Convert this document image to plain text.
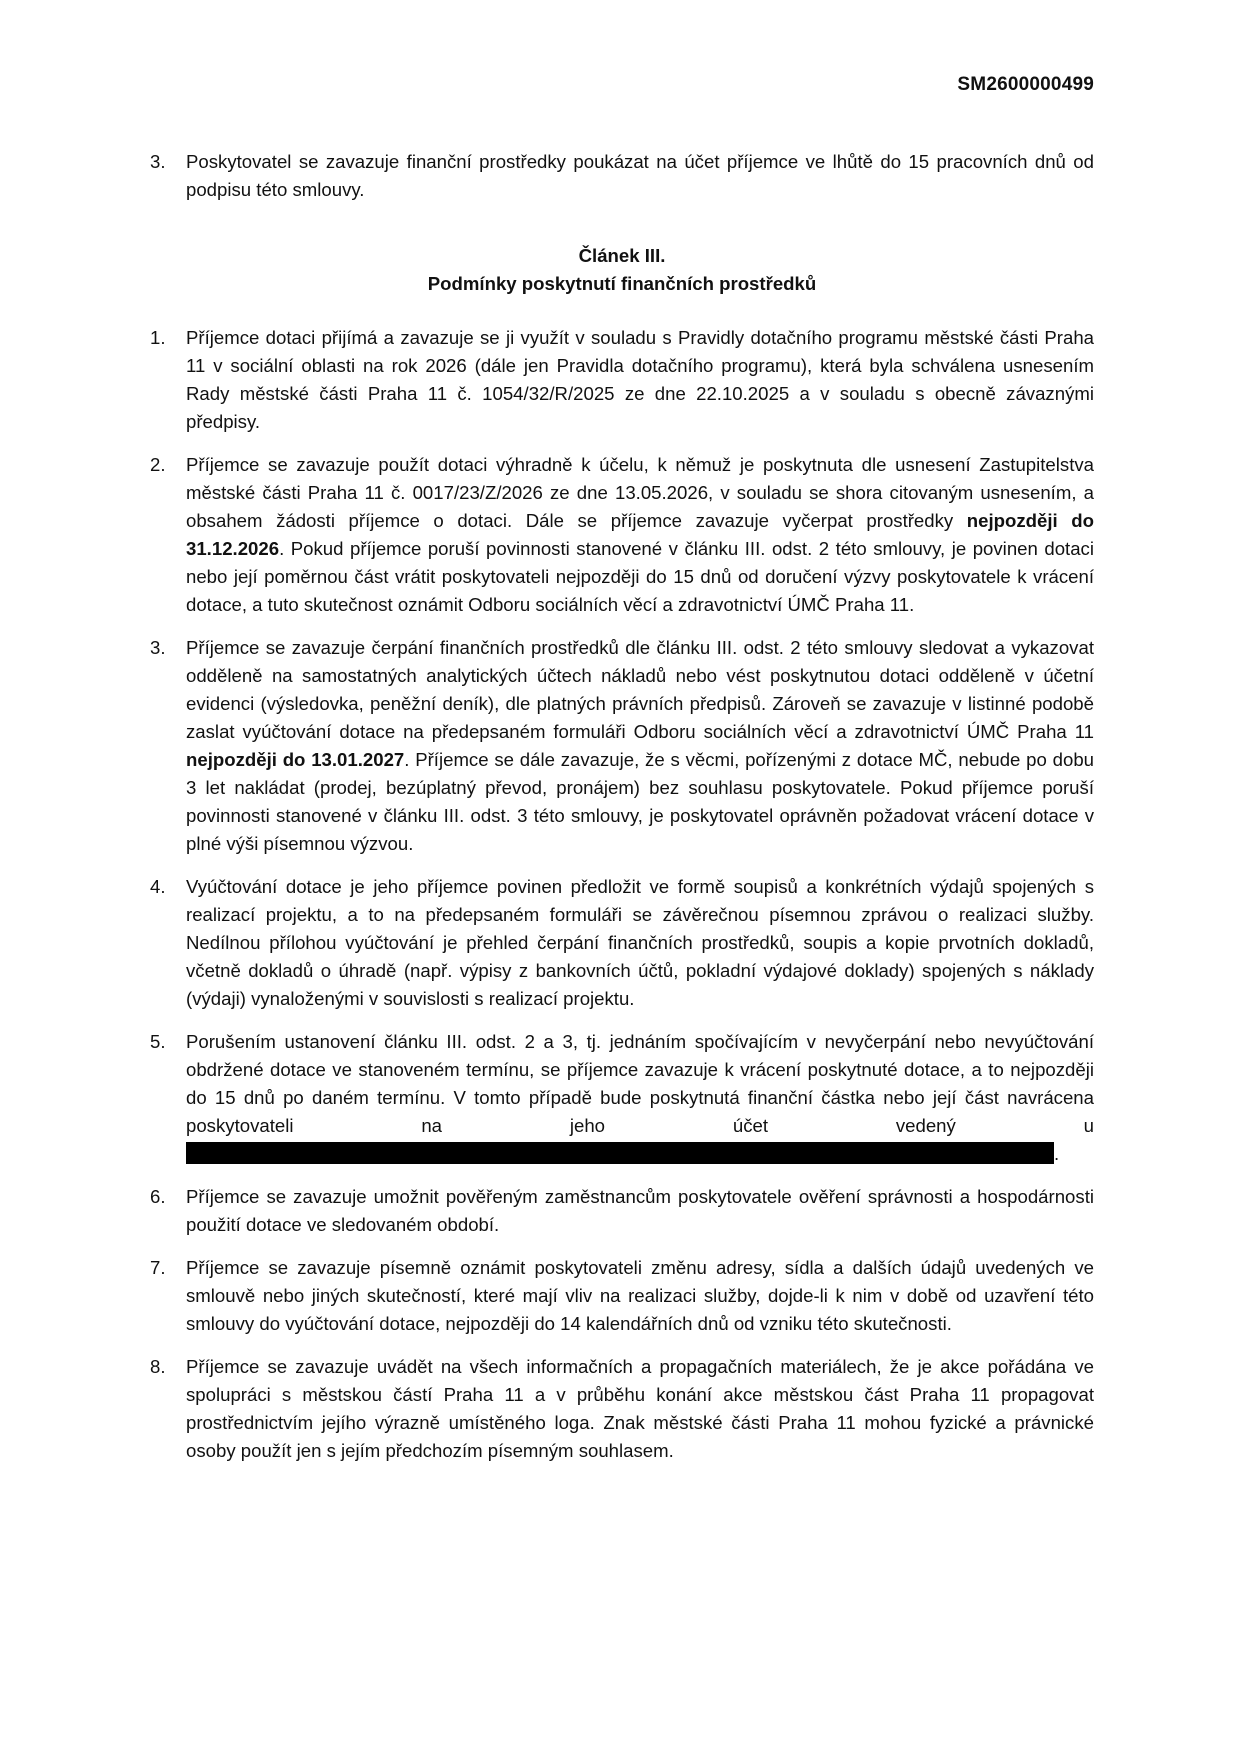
SM2600000499
3. Poskytovatel se zavazuje finanční prostředky poukázat na účet příjemce ve lhůtě do 15 pracovních dnů od podpisu této smlouvy.

Článek III.
Podmínky poskytnutí finančních prostředků
1. Příjemce dotaci přijímá a zavazuje se ji využít v souladu s Pravidly dotačního programu městské části Praha 11 v sociální oblasti na rok 2026 (dále jen Pravidla dotačního programu), která byla schválena usnesením Rady městské části Praha 11 č. 1054/32/R/2025 ze dne 22.10.2025 a v souladu s obecně závaznými předpisy.

2. Příjemce se zavazuje použít dotaci výhradně k účelu, k němuž je poskytnuta dle usnesení Zastupitelstva městské části Praha 11 č. 0017/23/Z/2026 ze dne 13.05.2026, v souladu se shora citovaným usnesením, a obsahem žádosti příjemce o dotaci. Dále se příjemce zavazuje vyčerpat prostředky nejpozději do 31.12.2026. Pokud příjemce poruší povinnosti stanovené v článku III. odst. 2 této smlouvy, je povinen dotaci nebo její poměrnou část vrátit poskytovateli nejpozději do 15 dnů od doručení výzvy poskytovatele k vrácení dotace, a tuto skutečnost oznámit Odboru sociálních věcí a zdravotnictví ÚMČ Praha 11.

3. Příjemce se zavazuje čerpání finančních prostředků dle článku III. odst. 2 této smlouvy sledovat a vykazovat odděleně na samostatných analytických účtech nákladů nebo vést poskytnutou dotaci odděleně v účetní evidenci (výsledovka, peněžní deník), dle platných právních předpisů. Zároveň se zavazuje v listinné podobě zaslat vyúčtování dotace na předepsaném formuláři Odboru sociálních věcí a zdravotnictví ÚMČ Praha 11 nejpozději do 13.01.2027. Příjemce se dále zavazuje, že s věcmi, pořízenými z dotace MČ, nebude po dobu 3 let nakládat (prodej, bezúplatný převod, pronájem) bez souhlasu poskytovatele. Pokud příjemce poruší povinnosti stanovené v článku III. odst. 3 této smlouvy, je poskytovatel oprávněn požadovat vrácení dotace v plné výši písemnou výzvou.

4. Vyúčtování dotace je jeho příjemce povinen předložit ve formě soupisů a konkrétních výdajů spojených s realizací projektu, a to na předepsaném formuláři se závěrečnou písemnou zprávou o realizaci služby. Nedílnou přílohou vyúčtování je přehled čerpání finančních prostředků, soupis a kopie prvotních dokladů, včetně dokladů o úhradě (např. výpisy z bankovních účtů, pokladní výdajové doklady) spojených s náklady (výdaji) vynaloženými v souvislosti s realizací projektu.

5. Porušením ustanovení článku III. odst. 2 a 3, tj. jednáním spočívajícím v nevyčerpání nebo nevyúčtování obdržené dotace ve stanoveném termínu, se příjemce zavazuje k vrácení poskytnuté dotace, a to nejpozději do 15 dnů po daném termínu. V tomto případě bude poskytnutá finanční částka nebo její část navrácena poskytovateli na jeho účet vedený u.

6. Příjemce se zavazuje umožnit pověřeným zaměstnancům poskytovatele ověření správnosti a hospodárnosti použití dotace ve sledovaném období.

7. Příjemce se zavazuje písemně oznámit poskytovateli změnu adresy, sídla a dalších údajů uvedených ve smlouvě nebo jiných skutečností, které mají vliv na realizaci služby, dojde-li k nim v době od uzavření této smlouvy do vyúčtování dotace, nejpozději do 14 kalendářních dnů od vzniku této skutečnosti.

8. Příjemce se zavazuje uvádět na všech informačních a propagačních materiálech, že je akce pořádána ve spolupráci s městskou částí Praha 11 a v průběhu konání akce městskou část Praha 11 propagovat prostřednictvím jejího výrazně umístěného loga. Znak městské části Praha 11 mohou fyzické a právnické osoby použít jen s jejím předchozím písemným souhlasem.
